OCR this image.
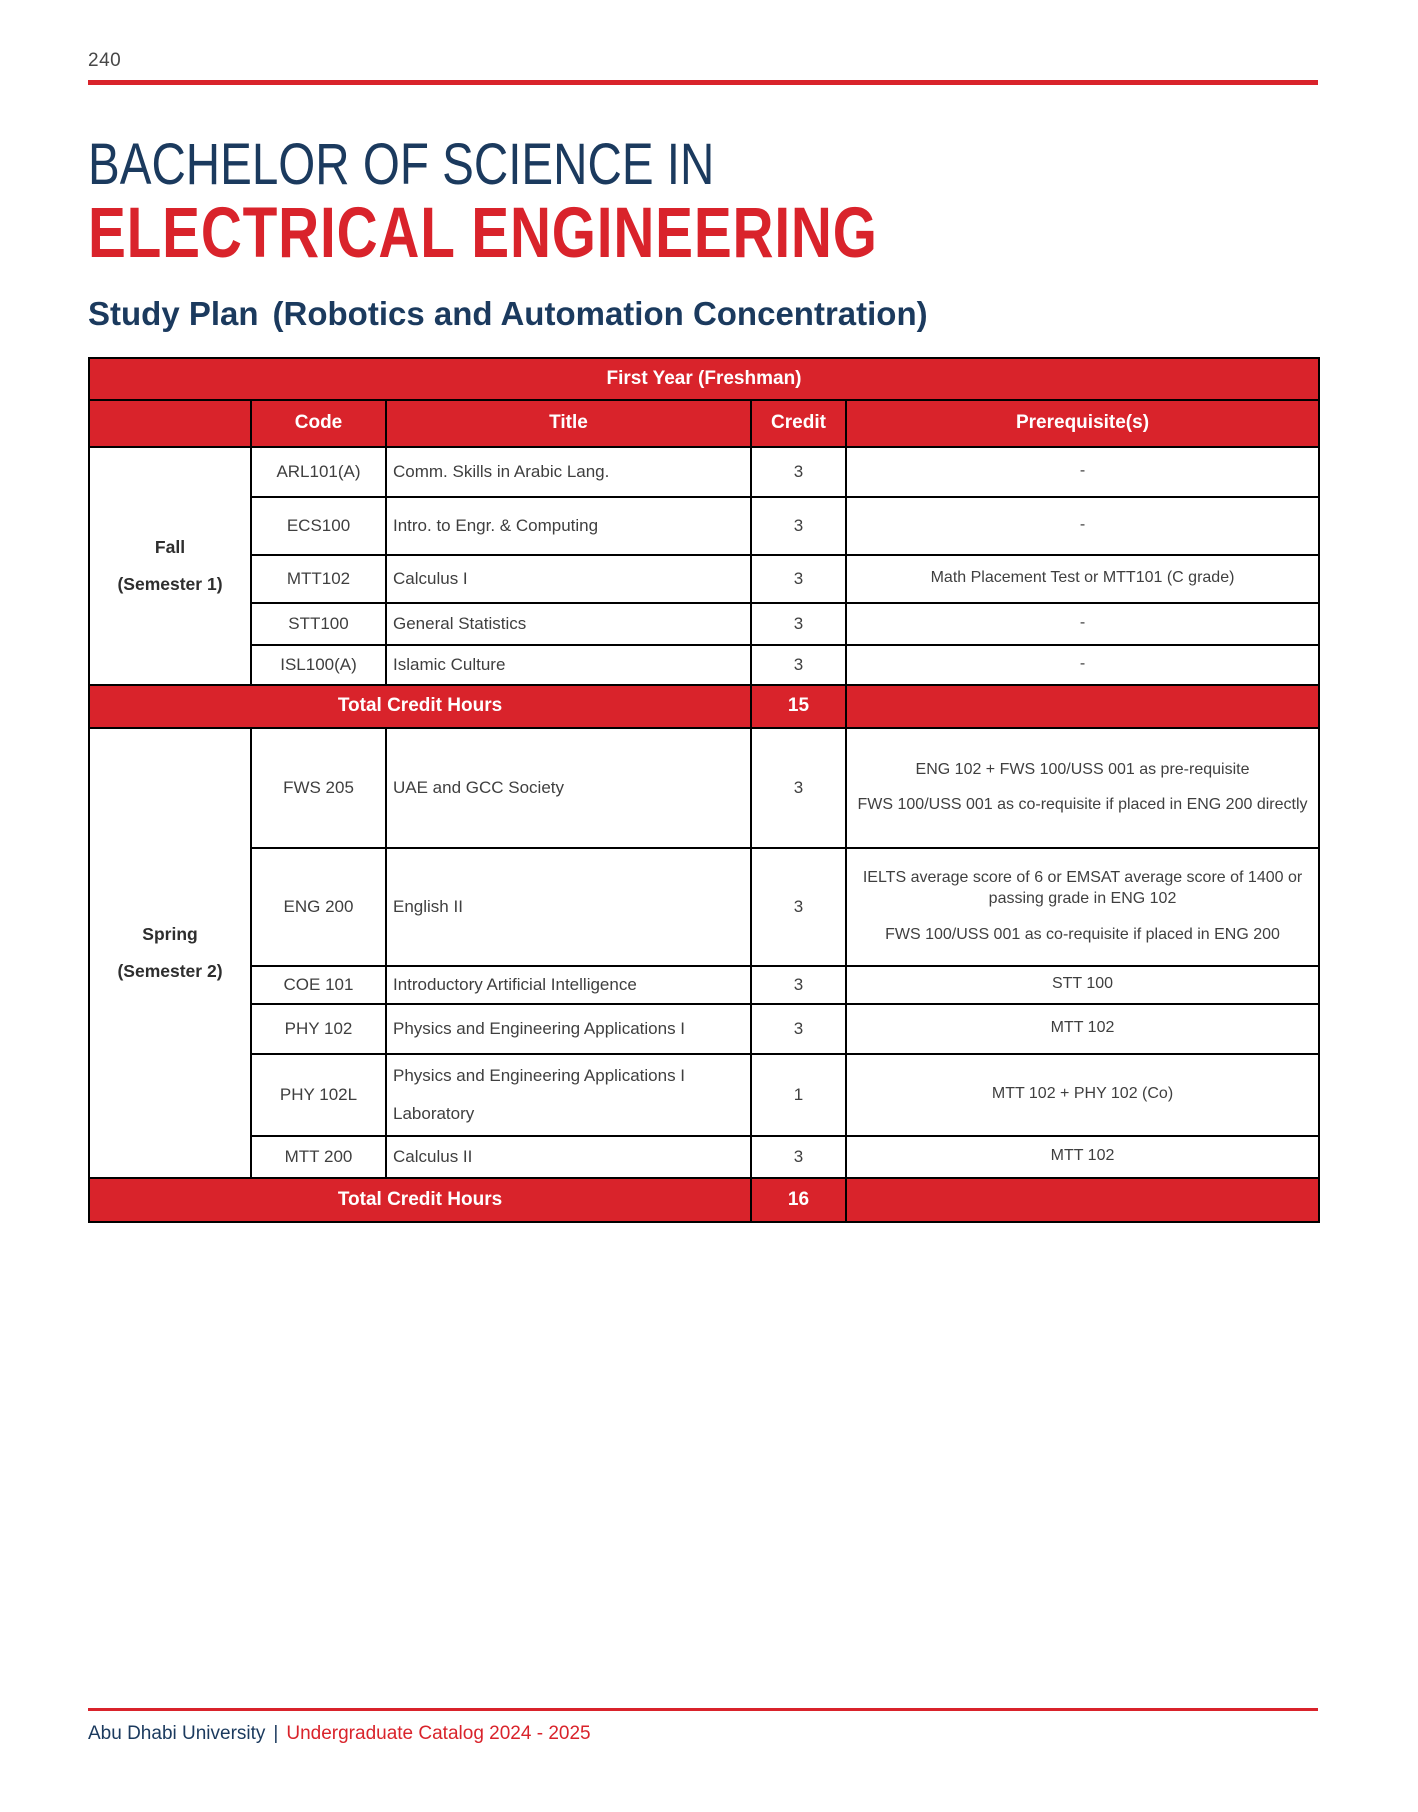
240
BACHELOR OF SCIENCE IN
ELECTRICAL ENGINEERING
Study Plan (Robotics and Automation Concentration)
First Year (Freshman)				
	Code	Title	Credit	Prerequisite(s)

Fall
(Semester 1)	ARL101(A)	Comm. Skills in Arabic Lang.	3	-

	ECS100	Intro. to Engr. & Computing	3	-

	MTT102	Calculus I	3	Math Placement Test or MTT101 (C grade)

	STT100	General Statistics	3	-

	ISL100(A)	Islamic Culture	3	-

Total Credit Hours			15	

Spring
(Semester 2)
	FWS 205	UAE and GCC Society	3	
ENG 102 + FWS 100/USS 001 as pre-requisite
FWS 100/USS 001 as co-requisite if placed in ENG 200 directly

	ENG 200	English II	3	IELTS average score of 6 or EMSAT average score of 1400 or passing grade in ENG 102
FWS 100/USS 001 as co-requisite if placed in ENG 200

	COE 101	Introductory Artificial Intelligence	3	STT 100

	PHY 102	Physics and Engineering Applications I	3	MTT 102

	PHY 102L	Physics and Engineering Applications I
Laboratory	1	MTT 102 + PHY 102 (Co)

	MTT 200	Calculus II	3	MTT 102

Total Credit Hours			16	
Abu Dhabi University | Undergraduate Catalog 2024 - 2025
